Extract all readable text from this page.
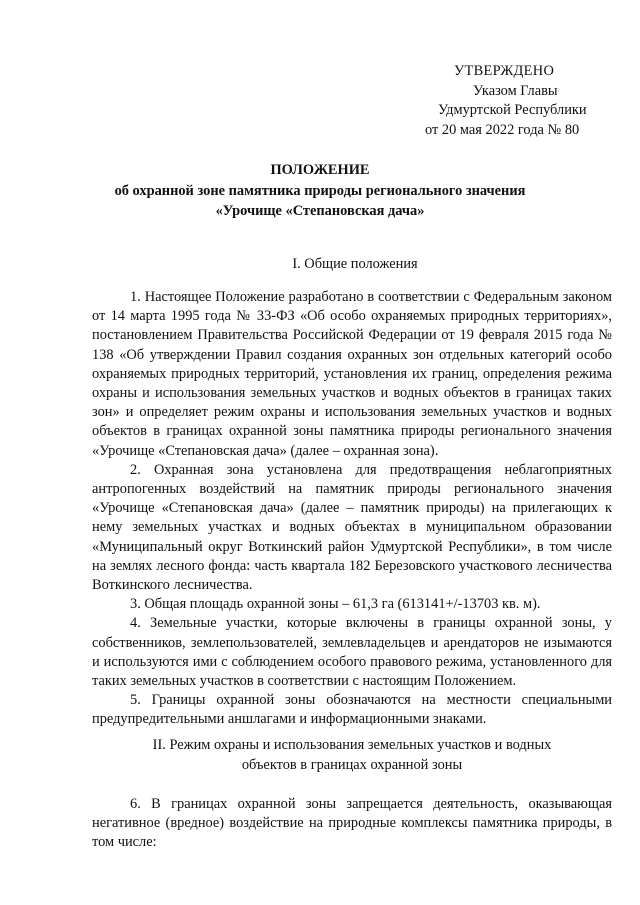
УТВЕРЖДЕНО
Указом Главы
Удмуртской Республики
от 20 мая 2022 года № 80
ПОЛОЖЕНИЕ
об охранной зоне памятника природы регионального значения
«Урочище «Степановская дача»
I. Общие положения

1. Настоящее Положение разработано в соответствии с Федеральным законом от 14 марта 1995 года № 33-ФЗ «Об особо охраняемых природных территориях», постановлением Правительства Российской Федерации от 19 февраля 2015 года № 138 «Об утверждении Правил создания охранных зон отдельных категорий особо охраняемых природных территорий, установления их границ, определения режима охраны и использования земельных участков и водных объектов в границах таких зон» и определяет режим охраны и использования земельных участков и водных объектов в границах охранной зоны памятника природы регионального значения «Урочище «Степановская дача» (далее – охранная зона).

2. Охранная зона установлена для предотвращения неблагоприятных антропогенных воздействий на памятник природы регионального значения «Урочище «Степановская дача» (далее – памятник природы) на прилегающих к нему земельных участках и водных объектах в муниципальном образовании «Муниципальный округ Воткинский район Удмуртской Республики», в том числе на землях лесного фонда: часть квартала 182 Березовского участкового лесничества Воткинского лесничества.

3. Общая площадь охранной зоны – 61,3 га (613141+/-13703 кв. м).

4. Земельные участки, которые включены в границы охранной зоны, у собственников, землепользователей, землевладельцев и арендаторов не изымаются и используются ими с соблюдением особого правового режима, установленного для таких земельных участков в соответствии с настоящим Положением.

5. Границы охранной зоны обозначаются на местности специальными предупредительными аншлагами и информационными знаками.

II. Режим охраны и использования земельных участков и водных
объектов в границах охранной зоны

6. В границах охранной зоны запрещается деятельность, оказывающая негативное (вредное) воздействие на природные комплексы памятника природы, в том числе:
